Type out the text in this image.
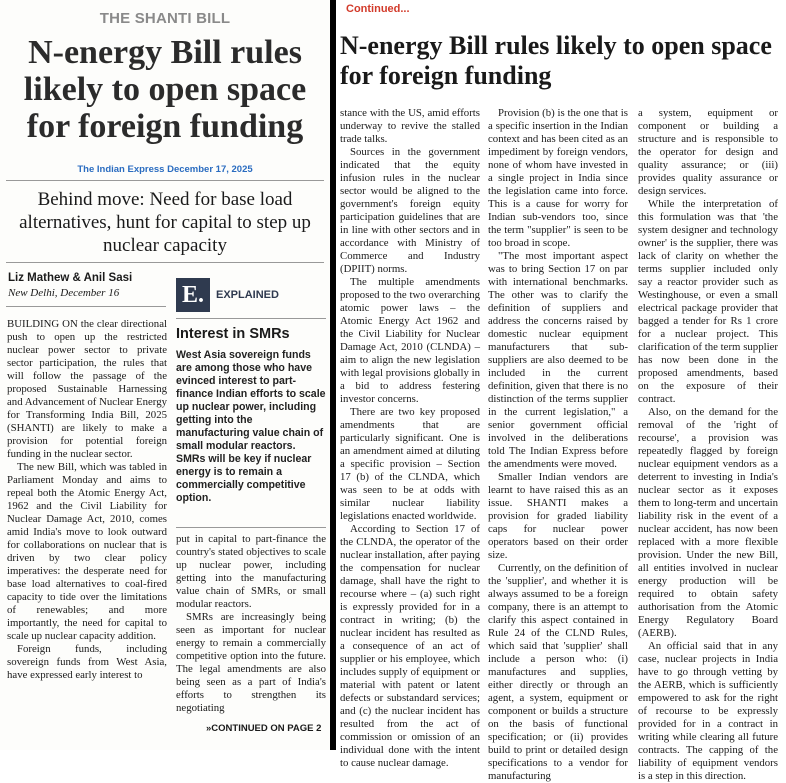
THE SHANTI BILL
N-energy Bill rules likely to open space for foreign funding
The Indian Express December 17, 2025
Behind move: Need for base load alternatives, hunt for capital to step up nuclear capacity
Liz Mathew & Anil Sasi
New Delhi, December 16

BUILDING ON the clear directional push to open up the restricted nuclear power sector to private sector participation, the rules that will follow the passage of the proposed Sustainable Harnessing and Advancement of Nuclear Energy for Transforming India Bill, 2025 (SHANTI) are likely to make a provision for potential foreign funding in the nuclear sector.

The new Bill, which was tabled in Parliament Monday and aims to repeal both the Atomic Energy Act, 1962 and the Civil Liability for Nuclear Damage Act, 2010, comes amid India's move to look outward for collaborations on nuclear that is driven by two clear policy imperatives: the desperate need for base load alternatives to coal-fired capacity to tide over the limitations of renewables; and more importantly, the need for capital to scale up nuclear capacity addition.

Foreign funds, including sovereign funds from West Asia, have expressed early interest to

E. EXPLAINED
Interest in SMRs
West Asia sovereign funds are among those who have evinced interest to part-finance Indian efforts to scale up nuclear power, including getting into the manufacturing value chain of small modular reactors. SMRs will be key if nuclear energy is to remain a commercially competitive option.

put in capital to part-finance the country's stated objectives to scale up nuclear power, including getting into the manufacturing value chain of SMRs, or small modular reactors.

SMRs are increasingly being seen as important for nuclear energy to remain a commercially competitive option into the future. The legal amendments are also being seen as a part of India's efforts to strengthen its negotiating

»CONTINUED ON PAGE 2
Continued...
N-energy Bill rules likely to open space for foreign funding

stance with the US, amid efforts underway to revive the stalled trade talks.

Sources in the government indicated that the equity infusion rules in the nuclear sector would be aligned to the government's foreign equity participation guidelines that are in line with other sectors and in accordance with Ministry of Commerce and Industry (DPIIT) norms.

The multiple amendments proposed to the two overarching atomic power laws – the Atomic Energy Act 1962 and the Civil Liability for Nuclear Damage Act, 2010 (CLNDA) – aim to align the new legislation with legal provisions globally in a bid to address festering investor concerns.

There are two key proposed amendments that are particularly significant. One is an amendment aimed at diluting a specific provision – Section 17 (b) of the CLNDA, which was seen to be at odds with similar nuclear liability legislations enacted worldwide.

According to Section 17 of the CLNDA, the operator of the nuclear installation, after paying the compensation for nuclear damage, shall have the right to recourse where – (a) such right is expressly provided for in a contract in writing; (b) the nuclear incident has resulted as a consequence of an act of supplier or his employee, which includes supply of equipment or material with patent or latent defects or substandard services; and (c) the nuclear incident has resulted from the act of commission or omission of an individual done with the intent to cause nuclear damage.

Provision (b) is the one that is a specific insertion in the Indian context and has been cited as an impediment by foreign vendors, none of whom have invested in a single project in India since the legislation came into force. This is a cause for worry for Indian sub-vendors too, since the term "supplier" is seen to be too broad in scope.

"The most important aspect was to bring Section 17 on par with international benchmarks. The other was to clarify the definition of suppliers and address the concerns raised by domestic nuclear equipment manufacturers that sub-suppliers are also deemed to be included in the current definition, given that there is no distinction of the terms supplier in the current legislation," a senior government official involved in the deliberations told The Indian Express before the amendments were moved.

Smaller Indian vendors are learnt to have raised this as an issue. SHANTI makes a provision for graded liability caps for nuclear power operators based on their order size.

Currently, on the definition of the 'supplier', and whether it is always assumed to be a foreign company, there is an attempt to clarify this aspect contained in Rule 24 of the CLND Rules, which said that 'supplier' shall include a person who: (i) manufactures and supplies, either directly or through an agent, a system, equipment or component or builds a structure on the basis of functional specification; or (ii) provides build to print or detailed design specifications to a vendor for manufacturing

a system, equipment or component or building a structure and is responsible to the operator for design and quality assurance; or (iii) provides quality assurance or design services.

While the interpretation of this formulation was that 'the system designer and technology owner' is the supplier, there was lack of clarity on whether the terms supplier included only say a reactor provider such as Westinghouse, or even a small electrical package provider that bagged a tender for Rs 1 crore for a nuclear project. This clarification of the term supplier has now been done in the proposed amendments, based on the exposure of their contract.

Also, on the demand for the removal of the 'right of recourse', a provision was repeatedly flagged by foreign nuclear equipment vendors as a deterrent to investing in India's nuclear sector as it exposes them to long-term and uncertain liability risk in the event of a nuclear accident, has now been replaced with a more flexible provision. Under the new Bill, all entities involved in nuclear energy production will be required to obtain safety authorisation from the Atomic Energy Regulatory Board (AERB).

An official said that in any case, nuclear projects in India have to go through vetting by the AERB, which is sufficiently empowered to ask for the right of recourse to be expressly provided for in a contract in writing while clearing all future contracts. The capping of the liability of equipment vendors is a step in this direction.
